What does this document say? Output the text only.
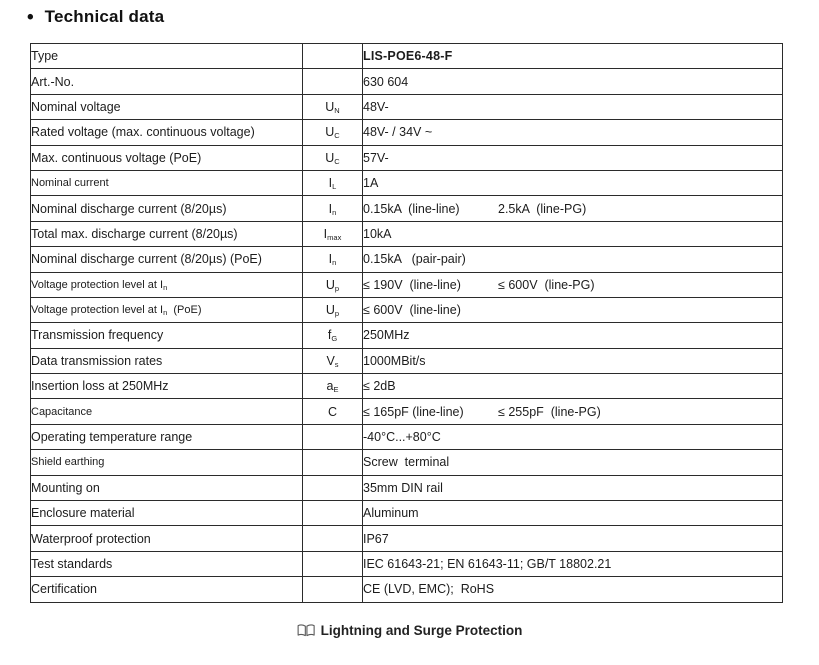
• Technical data
Type		LIS-POE6-48-F
Art.-No.		630 604
Nominal voltage	$U_N$	48V-
Rated voltage (max. continuous voltage)	$U_C$	48V- / 34V ~
Max. continuous voltage (PoE)	$U_C$	57V-
Nominal current	$I_L$	1A
Nominal discharge current (8/20µs)	$I_n$	0.15kA  (line-line) 2.5kA  (line-PG)
Total max. discharge current (8/20µs)	$I_{max}$	10kA
Nominal discharge current (8/20µs) (PoE)	$I_n$	0.15kA   (pair-pair)
Voltage protection level at $I_n$	$U_p$	≤ 190V  (line-line) ≤ 600V  (line-PG)
Voltage protection level at $I_n$  (PoE)	$U_p$	≤ 600V  (line-line)
Transmission frequency	$f_G$	250MHz
Data transmission rates	$V_s$	1000MBit/s
Insertion loss at 250MHz	$a_E$	≤ 2dB
Capacitance	C	≤ 165pF (line-line) ≤ 255pF  (line-PG)
Operating temperature range		-40°C...+80°C
Shield earthing		Screw  terminal
Mounting on		35mm DIN rail
Enclosure material		Aluminum
Waterproof protection		IP67
Test standards		IEC 61643-21; EN 61643-11; GB/T 18802.21
Certification		CE (LVD, EMC);  RoHS
Lightning and Surge Protection
